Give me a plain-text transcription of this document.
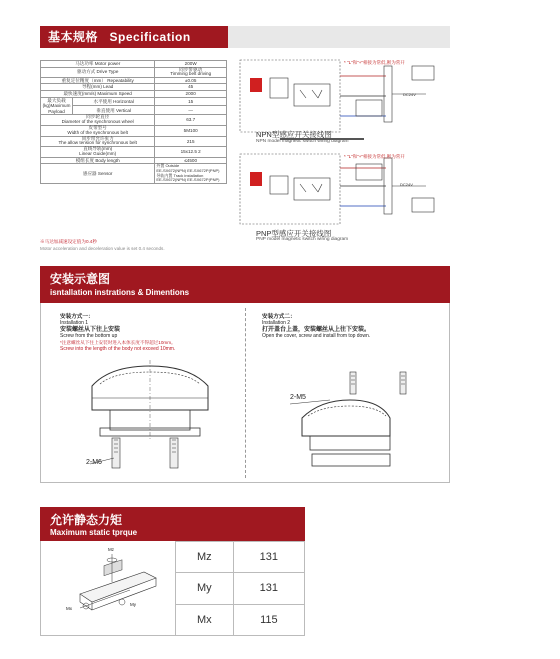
基本规格 Specification
马达功率 Motor power		200W
驱动方式 Drive Type		同步带驱动
Timming belt driving
重复定位精度（mm） Repeatability		±0.05
导程(mm) Lead		45
最快速度(mm/s) Maximum Speed		2000
最大负载 (kg)Maximum Payload	水平使用 Horizontal	15
	垂直使用 Vertical	—
同步轮直径
Diameter of the synchronous wheel		63.7
皮带型号
Width of the synchronous belt		5M100
同步带允许张力
The allow tension for synchronous belt		215
直线导轨(mm)
Linear Guide(mm)		15x12.5 2
模组长度 Body length		≤4500
感应器 Sensor		外置 Outside
EE-SX672(NPN) EE-SX672P(PNP)
导轨内置 Track installation
EE-SX672(NPN) EE-SX672P(PNP)
※马达加减速设定值为0.4秒
Motor acceleration and deceleration value is set 0.4 seconds.
* "L"和"+"相接为常低,断为常开
DC24V
NPN型感应开关接线图
NPN model magnetic switch wiring diagram
* "L"和"+"相接为常低,断为常开
DC24V
PNP型感应开关接线图
PNP model magnetic switch wiring diagram
安装示意图
isntallation instrations & Dimentions
安装方式一：
Installation 1
安装螺丝从下往上安装
Screw from the bottom up
*注意螺丝从下往上安装时进入本体长度不得超过10mm。
Screw into the length of the body not exceed 10mm.
2-M6
安装方式二：
Installation 2
打开盖台上盖，安装螺丝从上往下安装。
Open the cover, screw and install from top down.
2-M5
允许静态力矩
Maximum static tprque
Mz
Mx
My
Mz	131
My	131
Mx	115
